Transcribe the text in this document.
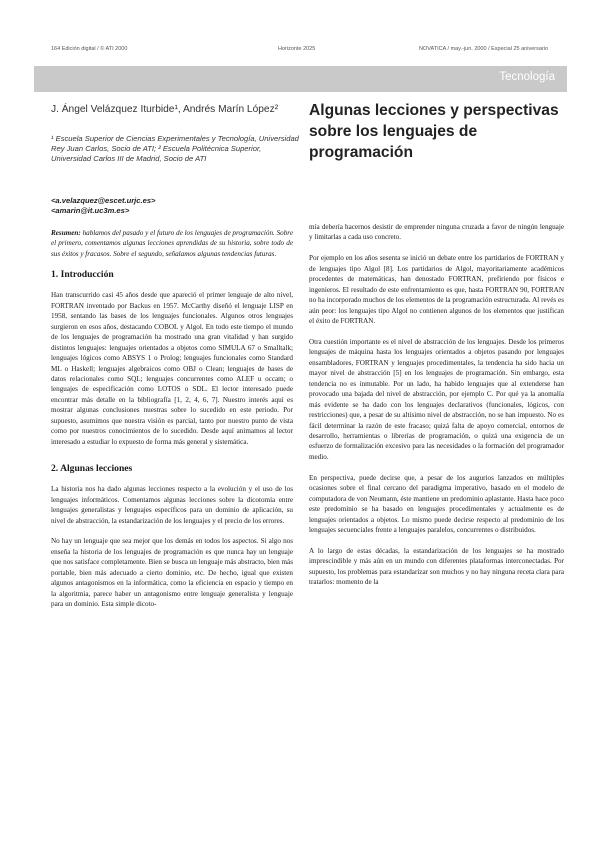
164 Edición digital / © ATI 2000	Horizonte 2025	NOVATICA / may.-jun. 2000 / Especial 25 aniversario
Tecnología
J. Ángel Velázquez Iturbide¹, Andrés Marín López²
¹ Escuela Superior de Ciencias Experimentales y Tecnología, Universidad Rey Juan Carlos, Socio de ATI; ² Escuela Politécnica Superior, Universidad Carlos III de Madrid, Socio de ATI
<a.velazquez@escet.urjc.es>
<amarin@it.uc3m.es>
Algunas lecciones y perspectivas sobre los lenguajes de programación

Resumen: hablamos del pasado y el futuro de los lenguajes de programación. Sobre el primero, comentamos algunas lecciones aprendidas de su historia, sobre todo de sus éxitos y fracasos. Sobre el segundo, señalamos algunas tendencias futuras.

1. Introducción

Han transcurrido casi 45 años desde que apareció el primer lenguaje de alto nivel, FORTRAN inventado por Backus en 1957. McCarthy diseñó el lenguaje LISP en 1958, sentando las bases de los lenguajes funcionales. Algunos otros lenguajes surgieron en esos años, destacando COBOL y Algol. En todo este tiempo el mundo de los lenguajes de programación ha mostrado una gran vitalidad y han surgido distintos lenguajes: lenguajes orientados a objetos como SIMULA 67 o Smalltalk; lenguajes lógicos como ABSYS 1 o Prolog; lenguajes funcionales como Standard ML o Haskell; lenguajes algebraicos como OBJ o Clean; lenguajes de bases de datos relacionales como SQL; lenguajes concurrentes como ALEF u occam; o lenguajes de especificación como LOTOS o SDL. El lector interesado puede encontrar más detalle en la bibliografía [1, 2, 4, 6, 7]. Nuestro interés aquí es mostrar algunas conclusiones nuestras sobre lo sucedido en este periodo. Por supuesto, asumimos que nuestra visión es parcial, tanto por nuestro punto de vista como por nuestros conocimientos de lo sucedido. Desde aquí animamos al lector interesado a estudiar lo expuesto de forma más general y sistemática.

2. Algunas lecciones

La historia nos ha dado algunas lecciones respecto a la evolución y el uso de los lenguajes informáticos. Comentamos algunas lecciones sobre la dicotomía entre lenguajes generalistas y lenguajes específicos para un dominio de aplicación, su nivel de abstracción, la estandarización de los lenguajes y el precio de los errores.

No hay un lenguaje que sea mejor que los demás en todos los aspectos. Si algo nos enseña la historia de los lenguajes de programación es que nunca hay un lenguaje que nos satisface completamente. Bien se busca un lenguaje más abstracto, bien más portable, bien más adecuado a cierto dominio, etc. De hecho, igual que existen algunos antagonismos en la informática, como la eficiencia en espacio y tiempo en la algoritmia, parece haber un antagonismo entre lenguaje generalista y lenguaje para un dominio. Esta simple dicoto-

mía debería hacernos desistir de emprender ninguna cruzada a favor de ningún lenguaje y limitarlas a cada uso concreto.

Por ejemplo en los años sesenta se inició un debate entre los partidarios de FORTRAN y de lenguajes tipo Algol [8]. Los partidarios de Algol, mayoritariamente académicos procedentes de matemáticas, han denostado FORTRAN, prefiriendo por físicos e ingenieros. El resultado de este enfrentamiento es que, hasta FORTRAN 90, FORTRAN no ha incorporado muchos de los elementos de la programación estructurada. Al revés es aún peor: los lenguajes tipo Algol no contienen algunos de los elementos que justifican el éxito de FORTRAN.

Otra cuestión importante es el nivel de abstracción de los lenguajes. Desde los primeros lenguajes de máquina hasta los lenguajes orientados a objetos pasando por lenguajes ensambladores, FORTRAN y lenguajes procedimentales, la tendencia ha sido hacia un mayor nivel de abstracción [5] en los lenguajes de programación. Sin embargo, esta tendencia no es inmutable. Por un lado, ha habido lenguajes que al extenderse han provocado una bajada del nivel de abstracción, por ejemplo C. Por qué ya la anomalía más evidente se ha dado con los lenguajes declarativos (funcionales, lógicos, con restricciones) que, a pesar de su altísimo nivel de abstracción, no se han impuesto. No es fácil determinar la razón de este fracaso; quizá falta de apoyo comercial, entornos de desarrollo, herramientas o librerías de programación, o quizá una exigencia de un esfuerzo de formalización excesivo para las necesidades o la formación del programador medio.

En perspectiva, puede decirse que, a pesar de los augurios lanzados en múltiples ocasiones sobre el final cercano del paradigma imperativo, basado en el modelo de computadora de von Neumann, éste mantiene un predominio aplastante. Hasta hace poco este predominio se ha basado en lenguajes procedimentales y actualmente es de lenguajes orientados a objetos. Lo mismo puede decirse respecto al predominio de los lenguajes secuenciales frente a lenguajes paralelos, concurrentes o distribuidos.

A lo largo de estas décadas, la estandarización de los lenguajes se ha mostrado imprescindible y más aún en un mundo con diferentes plataformas interconectadas. Por supuesto, los problemas para estandarizar son muchos y no hay ninguna receta clara para tratarlos: momento de la
